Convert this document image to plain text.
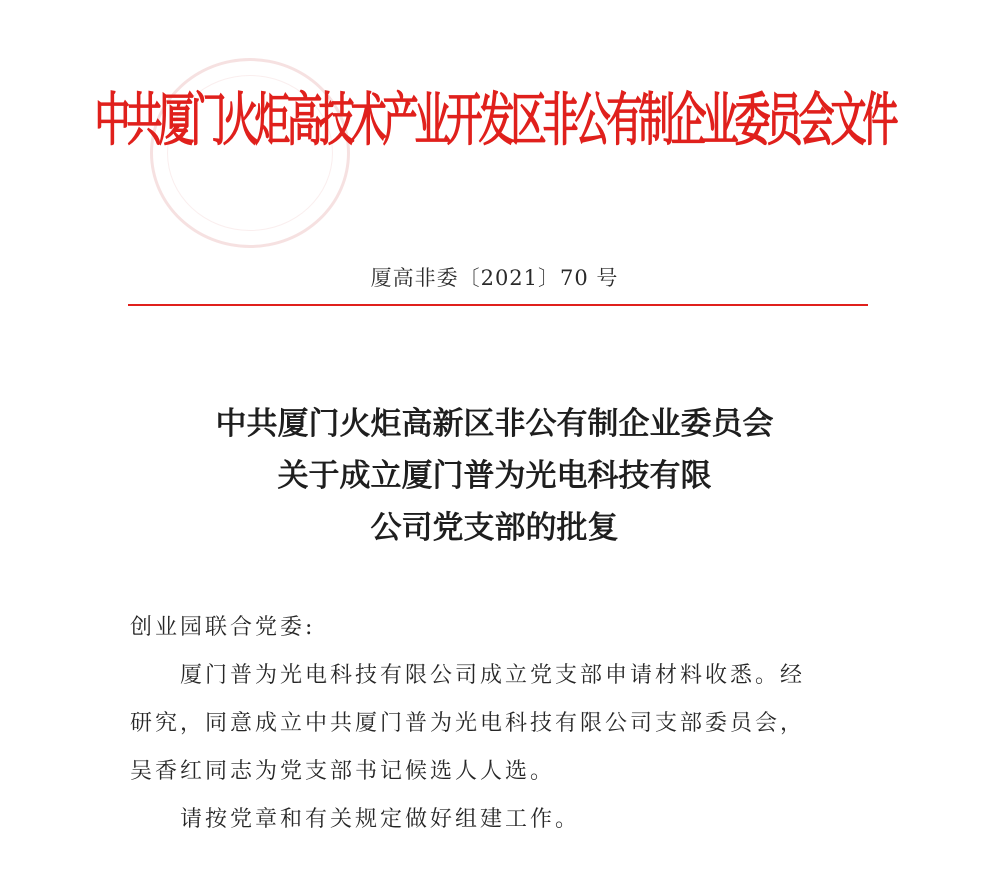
中共厦门火炬高技术产业开发区非公有制企业委员会文件
厦高非委〔2021〕70 号
中共厦门火炬高新区非公有制企业委员会
关于成立厦门普为光电科技有限
公司党支部的批复
创业园联合党委:
厦门普为光电科技有限公司成立党支部申请材料收悉。经
研究，同意成立中共厦门普为光电科技有限公司支部委员会，
吴香红同志为党支部书记候选人人选。
请按党章和有关规定做好组建工作。
